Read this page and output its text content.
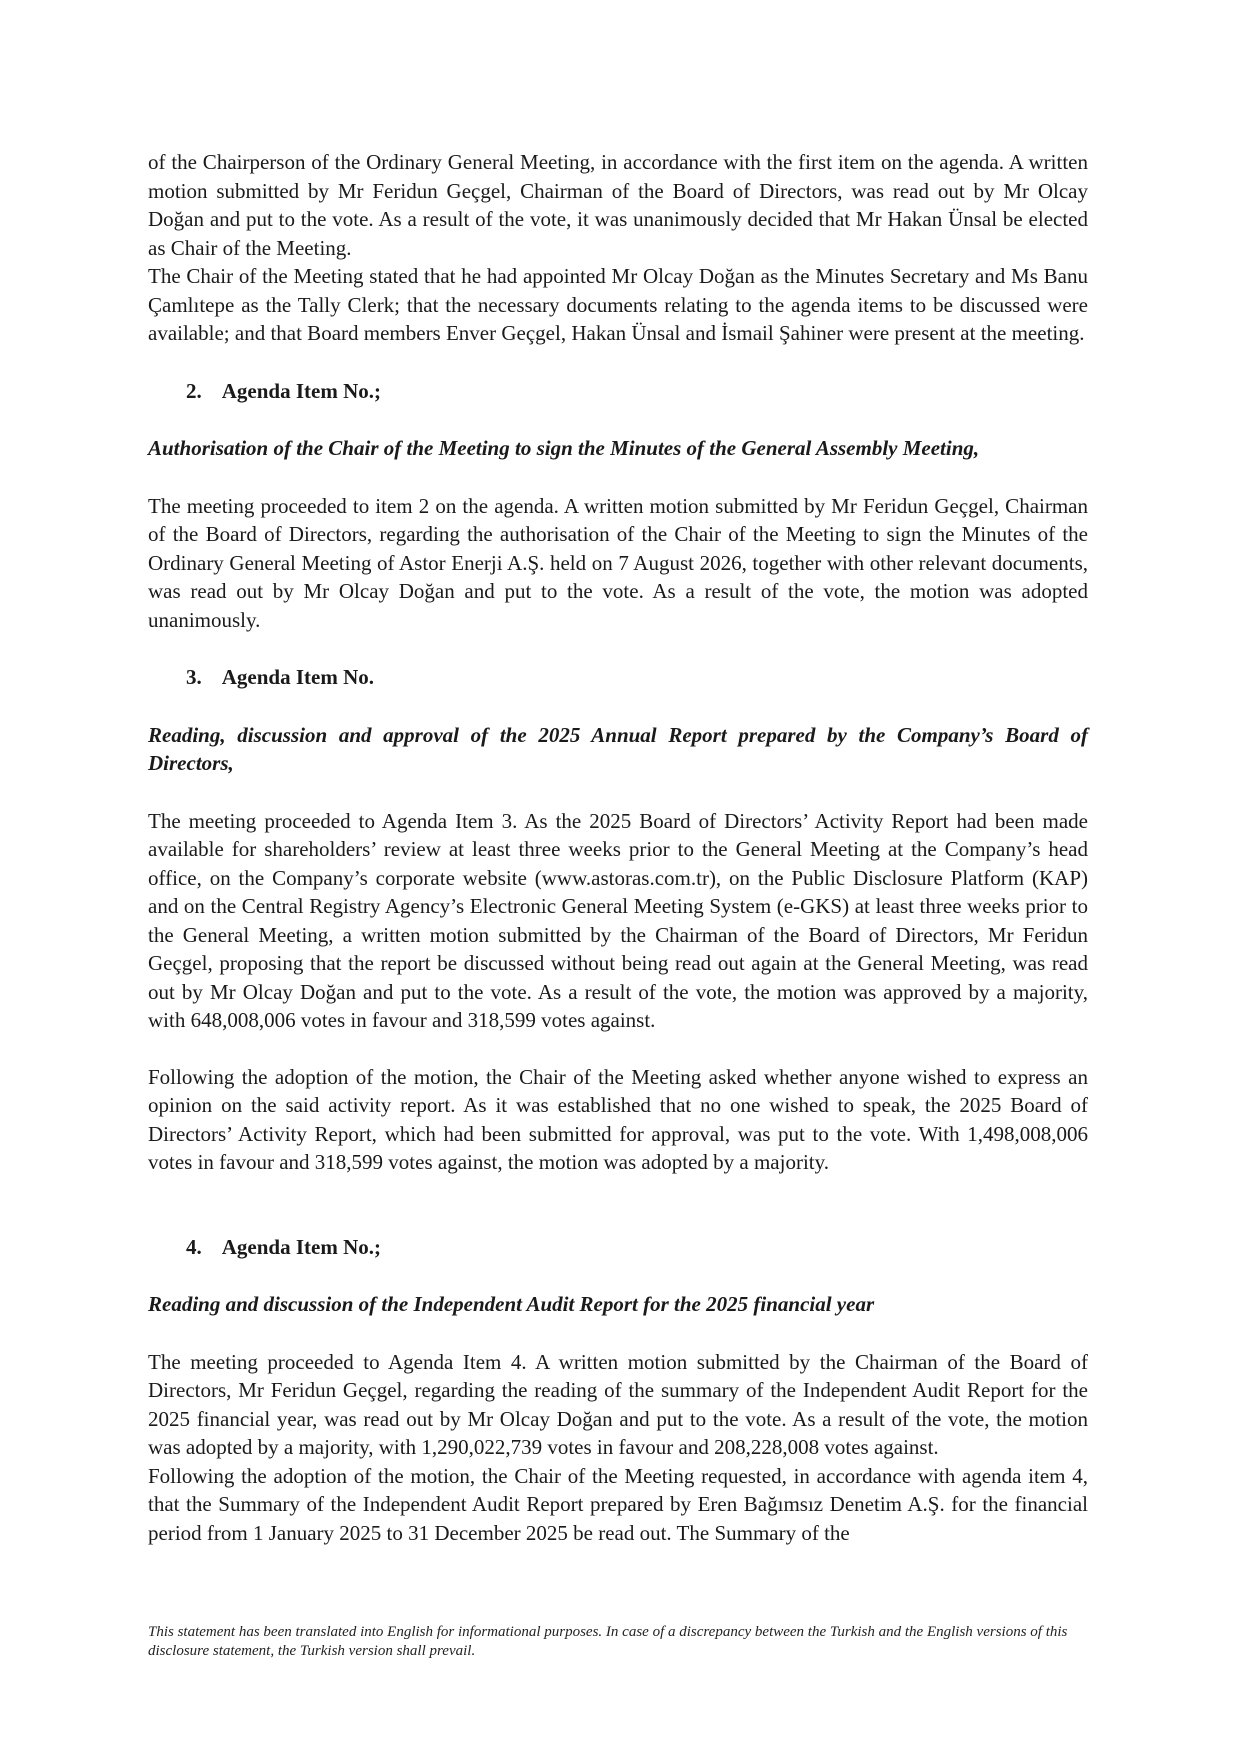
of the Chairperson of the Ordinary General Meeting, in accordance with the first item on the agenda. A written motion submitted by Mr Feridun Geçgel, Chairman of the Board of Directors, was read out by Mr Olcay Doğan and put to the vote. As a result of the vote, it was unanimously decided that Mr Hakan Ünsal be elected as Chair of the Meeting.

The Chair of the Meeting stated that he had appointed Mr Olcay Doğan as the Minutes Secretary and Ms Banu Çamlıtepe as the Tally Clerk; that the necessary documents relating to the agenda items to be discussed were available; and that Board members Enver Geçgel, Hakan Ünsal and İsmail Şahiner were present at the meeting.

2. Agenda Item No.;

Authorisation of the Chair of the Meeting to sign the Minutes of the General Assembly Meeting,

The meeting proceeded to item 2 on the agenda. A written motion submitted by Mr Feridun Geçgel, Chairman of the Board of Directors, regarding the authorisation of the Chair of the Meeting to sign the Minutes of the Ordinary General Meeting of Astor Enerji A.Ş. held on 7 August 2026, together with other relevant documents, was read out by Mr Olcay Doğan and put to the vote. As a result of the vote, the motion was adopted unanimously.

3. Agenda Item No.

Reading, discussion and approval of the 2025 Annual Report prepared by the Company’s Board of Directors,

The meeting proceeded to Agenda Item 3. As the 2025 Board of Directors’ Activity Report had been made available for shareholders’ review at least three weeks prior to the General Meeting at the Company’s head office, on the Company’s corporate website (www.astoras.com.tr), on the Public Disclosure Platform (KAP) and on the Central Registry Agency’s Electronic General Meeting System (e-GKS) at least three weeks prior to the General Meeting, a written motion submitted by the Chairman of the Board of Directors, Mr Feridun Geçgel, proposing that the report be discussed without being read out again at the General Meeting, was read out by Mr Olcay Doğan and put to the vote. As a result of the vote, the motion was approved by a majority, with 648,008,006 votes in favour and 318,599 votes against.

Following the adoption of the motion, the Chair of the Meeting asked whether anyone wished to express an opinion on the said activity report. As it was established that no one wished to speak, the 2025 Board of Directors’ Activity Report, which had been submitted for approval, was put to the vote. With 1,498,008,006 votes in favour and 318,599 votes against, the motion was adopted by a majority.

4. Agenda Item No.;

Reading and discussion of the Independent Audit Report for the 2025 financial year

The meeting proceeded to Agenda Item 4. A written motion submitted by the Chairman of the Board of Directors, Mr Feridun Geçgel, regarding the reading of the summary of the Independent Audit Report for the 2025 financial year, was read out by Mr Olcay Doğan and put to the vote. As a result of the vote, the motion was adopted by a majority, with 1,290,022,739 votes in favour and 208,228,008 votes against.

Following the adoption of the motion, the Chair of the Meeting requested, in accordance with agenda item 4, that the Summary of the Independent Audit Report prepared by Eren Bağımsız Denetim A.Ş. for the financial period from 1 January 2025 to 31 December 2025 be read out. The Summary of the

This statement has been translated into English for informational purposes. In case of a discrepancy between the Turkish and the English versions of this disclosure statement, the Turkish version shall prevail.
